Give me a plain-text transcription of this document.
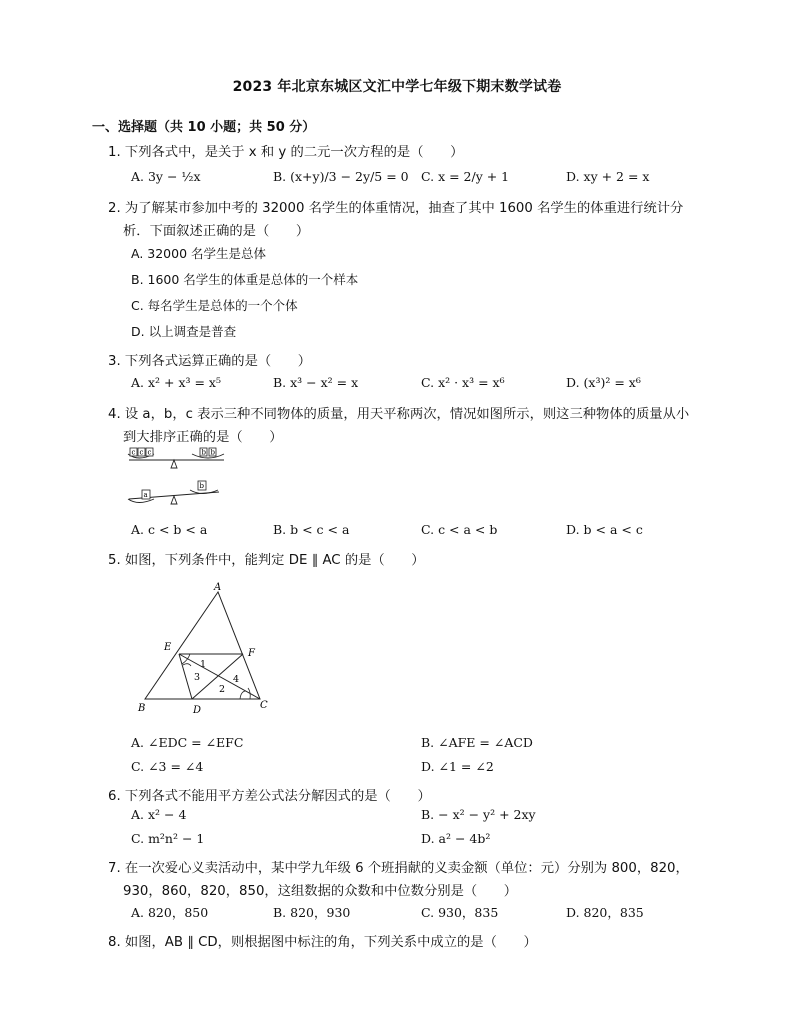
2023 年北京东城区文汇中学七年级下期末数学试卷
一、选择题（共 10 小题；共 50 分）
1. 下列各式中，是关于 x 和 y 的二元一次方程的是（　　）
A. 3y − ½x	B. (x+y)/3 − 2y/5 = 0 C. x = 2/y + 1	D. xy + 2 = x
2. 为了解某市参加中考的 32000 名学生的体重情况，抽查了其中 1600 名学生的体重进行统计分
析．下面叙述正确的是（　　）
A. 32000 名学生是总体
B. 1600 名学生的体重是总体的一个样本
C. 每名学生是总体的一个个体
D. 以上调查是普查
3. 下列各式运算正确的是（　　）
A. x² + x³ = x⁵	B. x³ − x² = x	C. x² · x³ = x⁶	D. (x³)² = x⁶
4. 设 a，b，c 表示三种不同物体的质量，用天平称两次，情况如图所示，则这三种物体的质量从小
到大排序正确的是（　　）
c c c	b b
a
b
A. c < b < a	B. b < c < a	C. c < a < b	D. b < a < c
5. 如图，下列条件中，能判定 DE ∥ AC 的是（　　）
A
B	C
D
E
F
1
2
3	4
A. ∠EDC = ∠EFC	B. ∠AFE = ∠ACD
C. ∠3 = ∠4	D. ∠1 = ∠2
6. 下列各式不能用平方差公式法分解因式的是（　　）
A. x² − 4	B. − x² − y² + 2xy
C. m²n² − 1	D. a² − 4b²
7. 在一次爱心义卖活动中，某中学九年级 6 个班捐献的义卖金额（单位：元）分别为 800，820，
930，860，820，850，这组数据的众数和中位数分别是（　　）
A. 820，850	B. 820，930	C. 930，835	D. 820，835
8. 如图，AB ∥ CD，则根据图中标注的角，下列关系中成立的是（　　）
